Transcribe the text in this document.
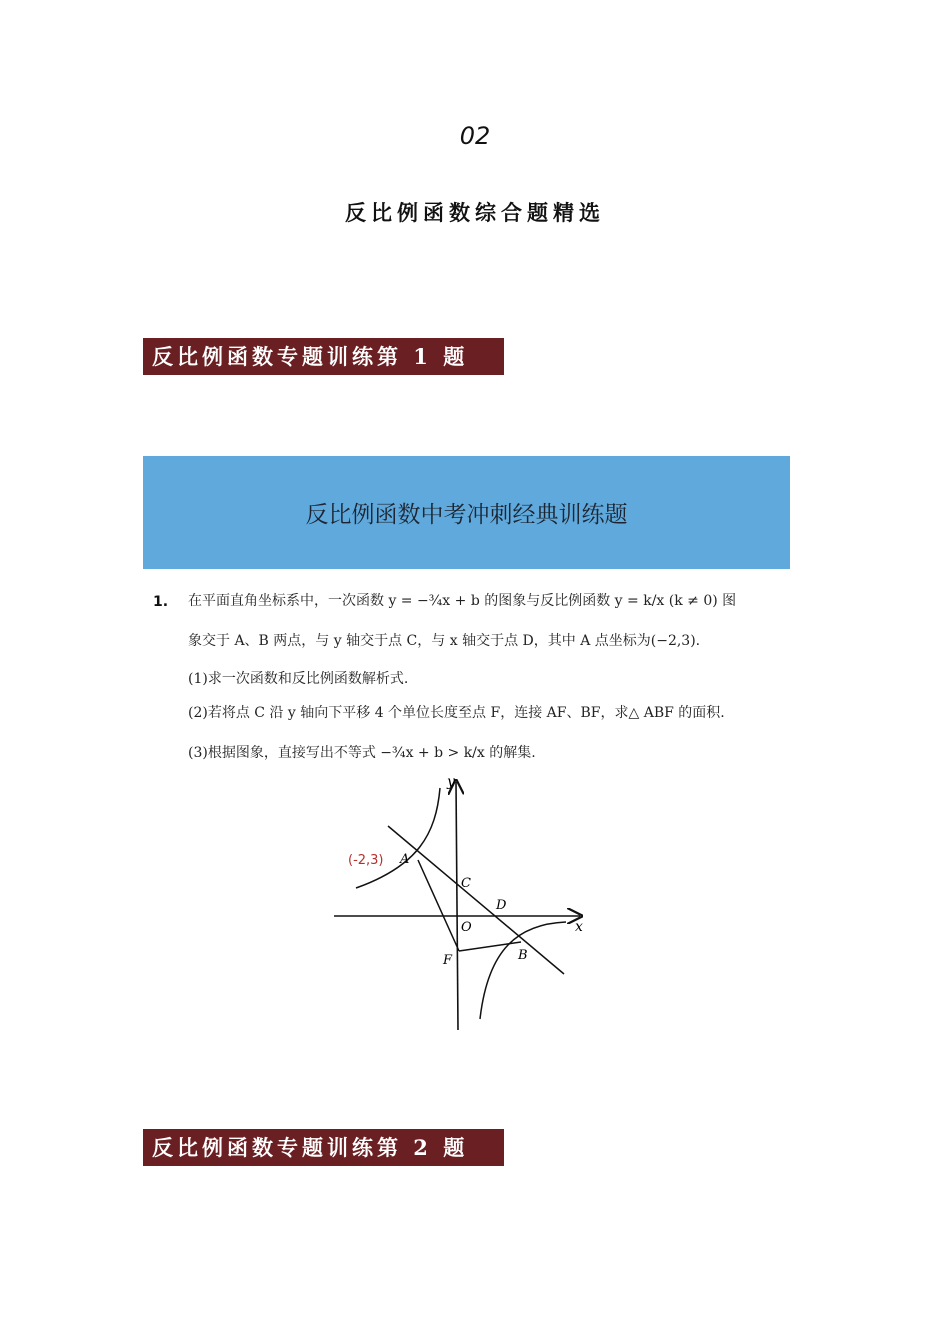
02
反比例函数综合题精选
反比例函数专题训练第 1 题
反比例函数中考冲刺经典训练题
1. 在平面直角坐标系中，一次函数 y = −¾x + b 的图象与反比例函数 y = k/x (k ≠ 0) 图
象交于 A、B 两点，与 y 轴交于点 C，与 x 轴交于点 D，其中 A 点坐标为(−2,3).
(1)求一次函数和反比例函数解析式.
(2)若将点 C 沿 y 轴向下平移 4 个单位长度至点 F，连接 AF、BF，求△ ABF 的面积.
(3)根据图象，直接写出不等式 −¾x + b > k/x 的解集.
y
x
A
C
D
O
F	B
(-2,3)
反比例函数专题训练第 2 题
